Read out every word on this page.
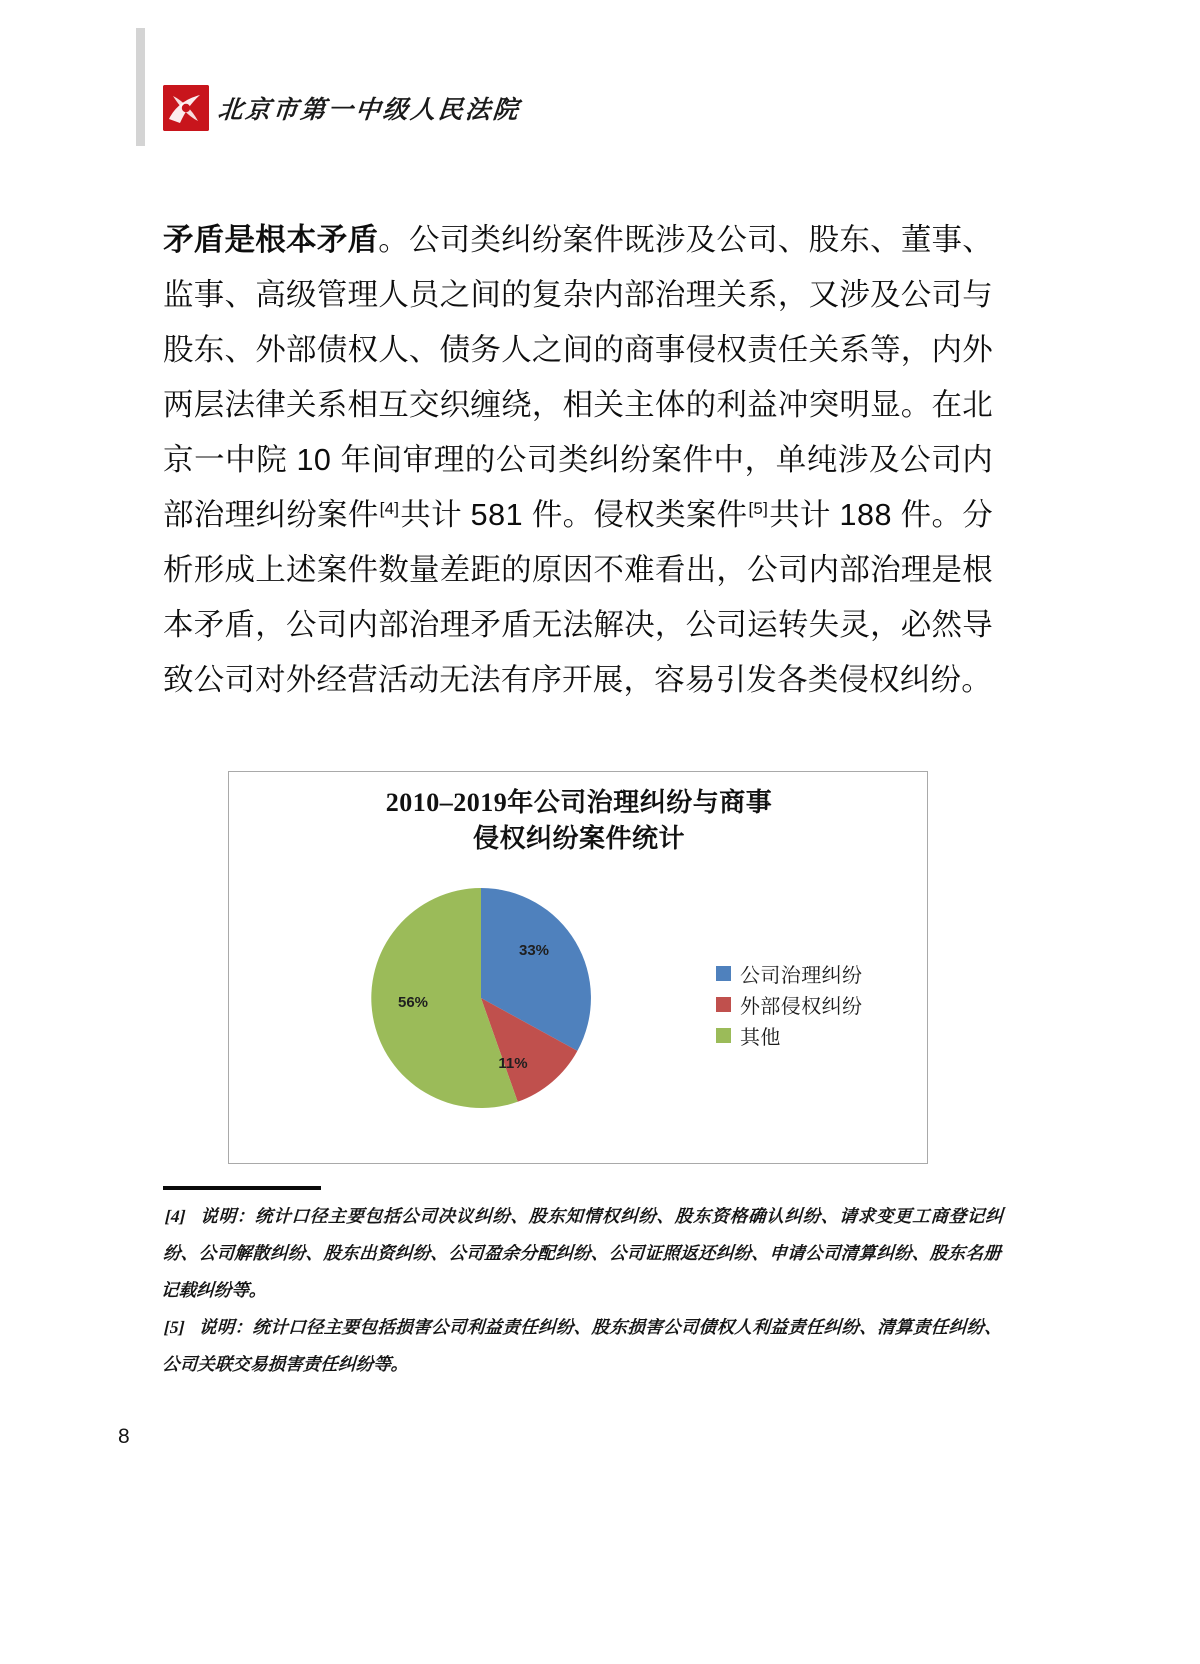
北京市第一中级人民法院

矛盾是根本矛盾。公司类纠纷案件既涉及公司、股东、董事、监事、高级管理人员之间的复杂内部治理关系，又涉及公司与股东、外部债权人、债务人之间的商事侵权责任关系等，内外两层法律关系相互交织缠绕，相关主体的利益冲突明显。在北京一中院 10 年间审理的公司类纠纷案件中，单纯涉及公司内部治理纠纷案件[4]共计 581 件。侵权类案件[5]共计 188 件。分析形成上述案件数量差距的原因不难看出，公司内部治理是根本矛盾，公司内部治理矛盾无法解决，公司运转失灵，必然导致公司对外经营活动无法有序开展，容易引发各类侵权纠纷。

2010–2019年公司治理纠纷与商事
侵权纠纷案件统计
33%
11%
56%
公司治理纠纷
外部侵权纠纷
其他

[4] 说明：统计口径主要包括公司决议纠纷、股东知情权纠纷、股东资格确认纠纷、请求变更工商登记纠纷、公司解散纠纷、股东出资纠纷、公司盈余分配纠纷、公司证照返还纠纷、申请公司清算纠纷、股东名册记载纠纷等。

[5] 说明：统计口径主要包括损害公司利益责任纠纷、股东损害公司债权人利益责任纠纷、清算责任纠纷、公司关联交易损害责任纠纷等。

8
